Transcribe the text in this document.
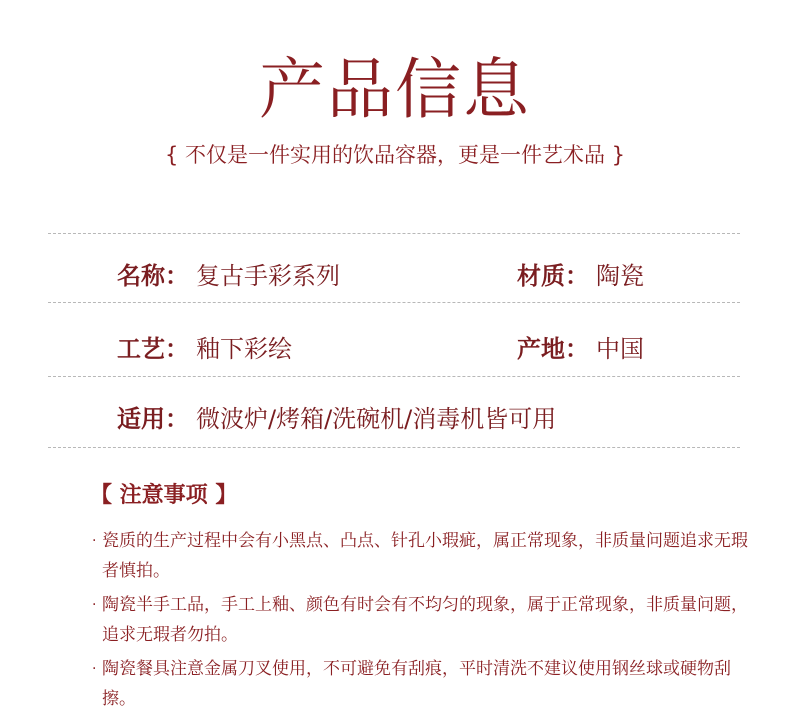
产品信息
{ 不仅是一件实用的饮品容器，更是一件艺术品 }
名称： 复古手彩系列	材质： 陶瓷
工艺： 釉下彩绘	产地： 中国
适用： 微波炉/烤箱/洗碗机/消毒机皆可用
【 注意事项 】
· 瓷质的生产过程中会有小黑点、凸点、针孔小瑕疵，属正常现象，非质量问题追求无瑕者慎拍。
· 陶瓷半手工品，手工上釉、颜色有时会有不均匀的现象，属于正常现象，非质量问题，追求无瑕者勿拍。
· 陶瓷餐具注意金属刀叉使用，不可避免有刮痕，平时清洗不建议使用钢丝球或硬物刮擦。
